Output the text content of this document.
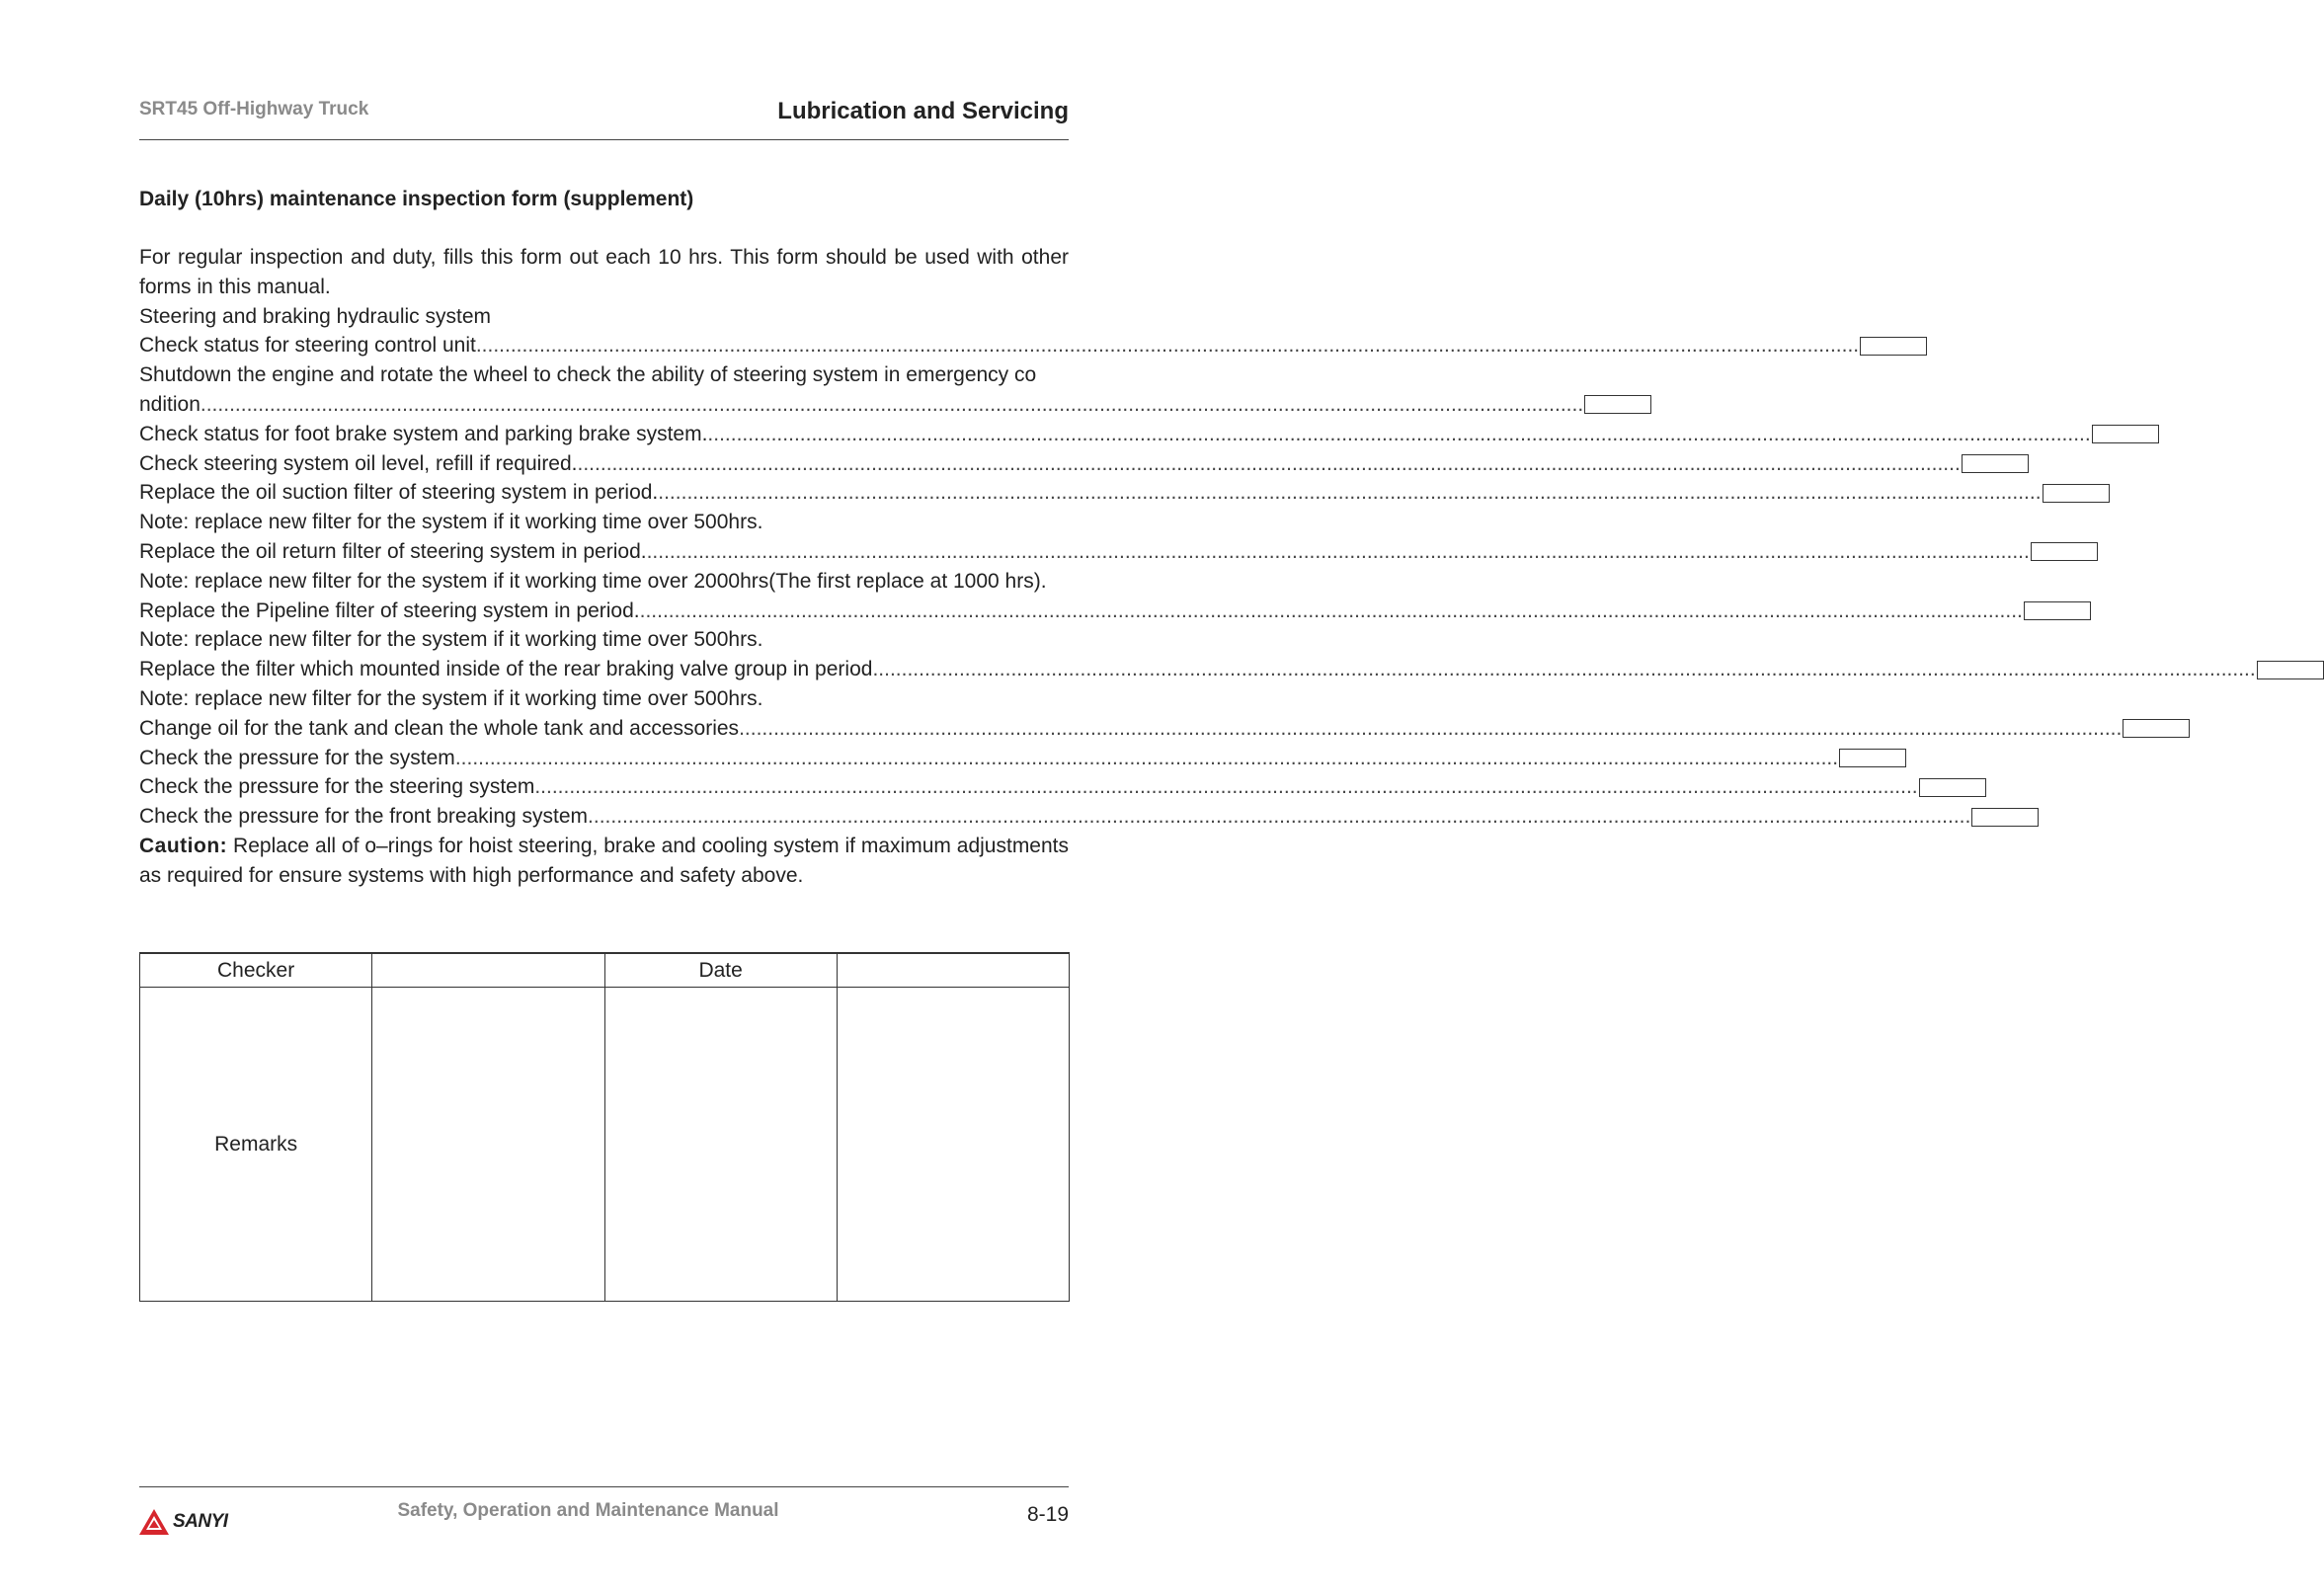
SRT45 Off-Highway Truck	Lubrication and Servicing
Daily (10hrs) maintenance inspection form (supplement)
For regular inspection and duty, fills this form out each 10 hrs. This form should be used with other forms in this manual.
Steering and braking hydraulic system
Check status for steering control unit
.....
Shutdown the engine and rotate the wheel to check the ability of steering system in emergency co
ndition
.....
Check status for foot brake system and parking brake system.
.....
Check steering system oil level, refill if required.
.....
Replace the oil suction filter of steering system in period.
.....
Note: replace new filter for the system if it working time over 500hrs.
Replace the oil return filter of steering system in period.
.....
Note: replace new filter for the system if it working time over 2000hrs(The first replace at 1000 hrs).
Replace the Pipeline filter of steering system in period.
.....
Note: replace new filter for the system if it working time over 500hrs.
Replace the filter which mounted inside of the rear braking valve group in period
.....
Note: replace new filter for the system if it working time over 500hrs.
Change oil for the tank and clean the whole tank and accessories
.....
Check the pressure for the system
.....
Check the pressure for the steering system
.....
Check the pressure for the front breaking system
.....
Caution: Replace all of o–rings for hoist steering, brake and cooling system if maximum adjustments as required for ensure systems with high performance and safety above.
Checker		Date	
Remarks			
SANYI
Safety, Operation and Maintenance Manual	8-19
